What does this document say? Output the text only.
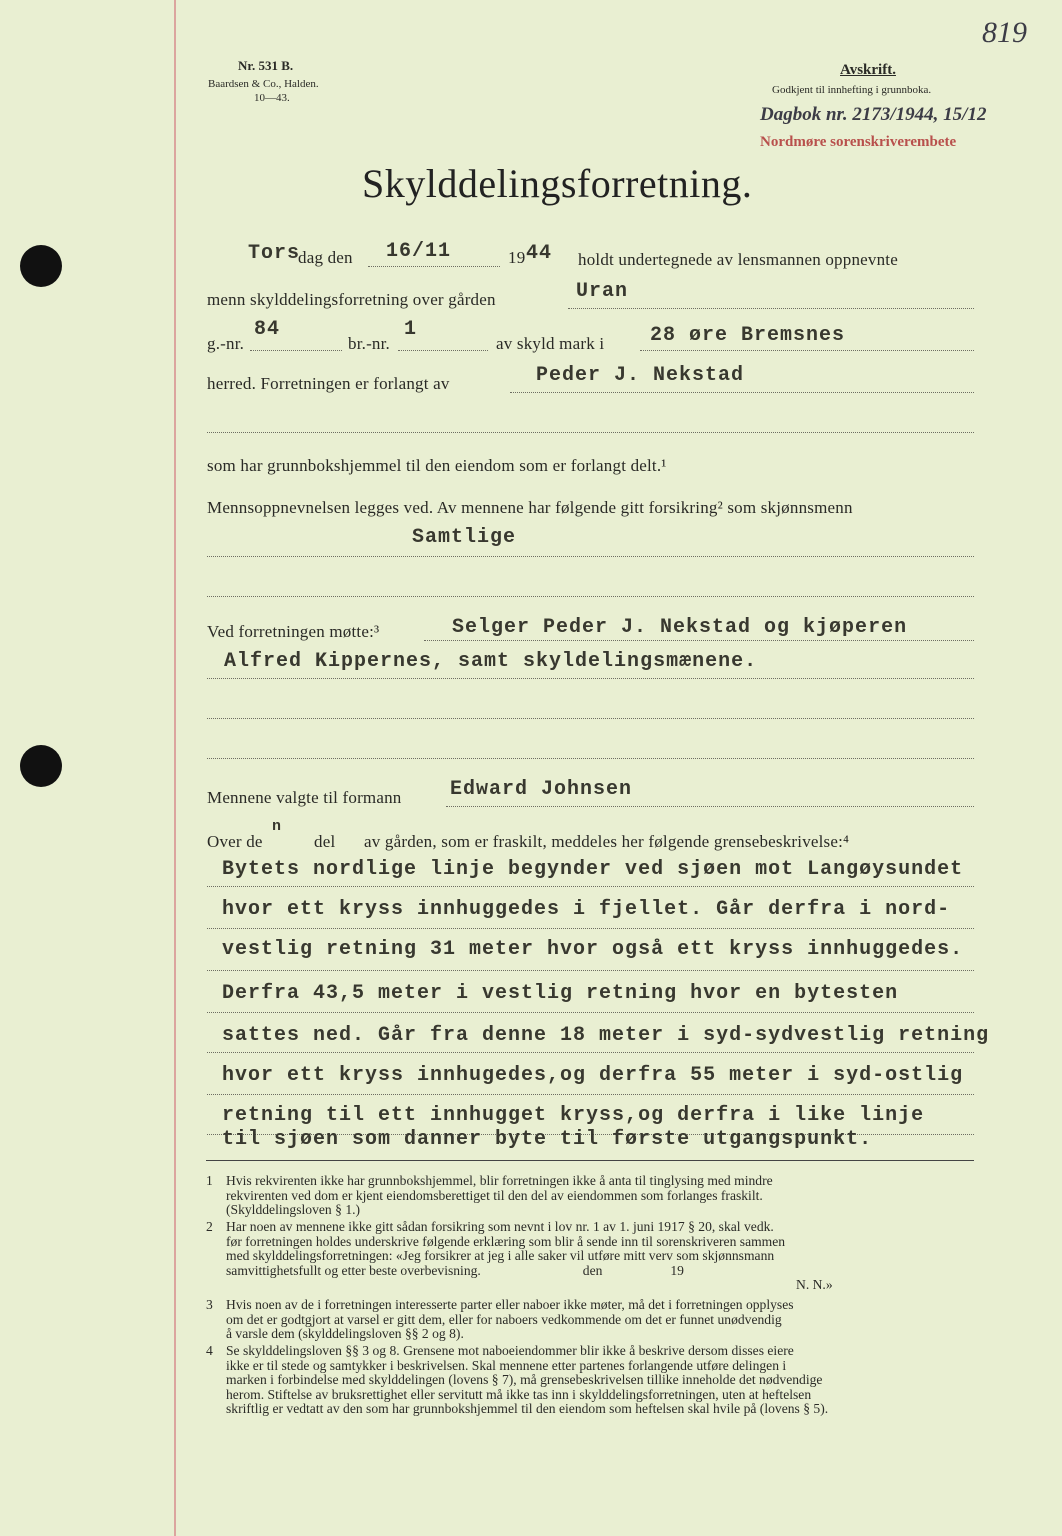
Nr. 531 B.
Baardsen & Co., Halden.
10—43.
Avskrift.
Godkjent til innhefting i grunnboka.
Dagbok nr. 2173/1944, 15/12
Nordmøre sorenskriverembete
819
Skylddelingsforretning.
Tors
dag den 16/11	19 44 holdt undertegnede av lensmannen oppnevnte
menn skylddelingsforretning over gården	Uran
g.-nr.
84
br.-nr.
1
av skyld mark i 28 øre Bremsnes
herred. Forretningen er forlangt av	Peder J. Nekstad
som har grunnbokshjemmel til den eiendom som er forlangt delt.¹
Mennsoppnevnelsen legges ved. Av mennene har følgende gitt forsikring² som skjønnsmenn
Samtlige
Ved forretningen møtte:³	Selger Peder J. Nekstad og kjøperen
Alfred Kippernes, samt skyldelingsmænene.
Mennene valgte til formann Edward Johnsen
Over de
n
del av gården, som er fraskilt, meddeles her følgende grensebeskrivelse:⁴
Bytets nordlige linje begynder ved sjøen mot Langøysundet
hvor ett kryss innhuggedes i fjellet. Går derfra i nord-
vestlig retning 31 meter hvor også ett kryss innhuggedes.
Derfra 43,5 meter i vestlig retning hvor en bytesten
sattes ned. Går fra denne 18 meter i syd-sydvestlig retning
hvor ett kryss innhugedes,og derfra 55 meter i syd-ostlig
retning til ett innhugget kryss,og derfra i like linje
til sjøen som danner byte til første utgangspunkt.
1 Hvis rekvirenten ikke har grunnbokshjemmel, blir forretningen ikke å anta til tinglysing med mindre
rekvirenten ved dom er kjent eiendomsberettiget til den del av eiendommen som forlanges fraskilt.
(Skylddelingsloven § 1.)
2 Har noen av mennene ikke gitt sådan forsikring som nevnt i lov nr. 1 av 1. juni 1917 § 20, skal vedk.
før forretningen holdes underskrive følgende erklæring som blir å sende inn til sorenskriveren sammen
med skylddelingsforretningen: «Jeg forsikrer at jeg i alle saker vil utføre mitt verv som skjønnsmann
samvittighetsfullt og etter beste overbevisning.                              den                    19
N. N.»
3 Hvis noen av de i forretningen interesserte parter eller naboer ikke møter, må det i forretningen opplyses
om det er godtgjort at varsel er gitt dem, eller for naboers vedkommende om det er funnet unødvendig
å varsle dem (skylddelingsloven §§ 2 og 8).
4 Se skylddelingsloven §§ 3 og 8. Grensene mot naboeiendommer blir ikke å beskrive dersom disses eiere
ikke er til stede og samtykker i beskrivelsen. Skal mennene etter partenes forlangende utføre delingen i
marken i forbindelse med skylddelingen (lovens § 7), må grensebeskrivelsen tillike inneholde det nødvendige
herom. Stiftelse av bruksrettighet eller servitutt må ikke tas inn i skylddelingsforretningen, uten at heftelsen
skriftlig er vedtatt av den som har grunnbokshjemmel til den eiendom som heftelsen skal hvile på (lovens § 5).
